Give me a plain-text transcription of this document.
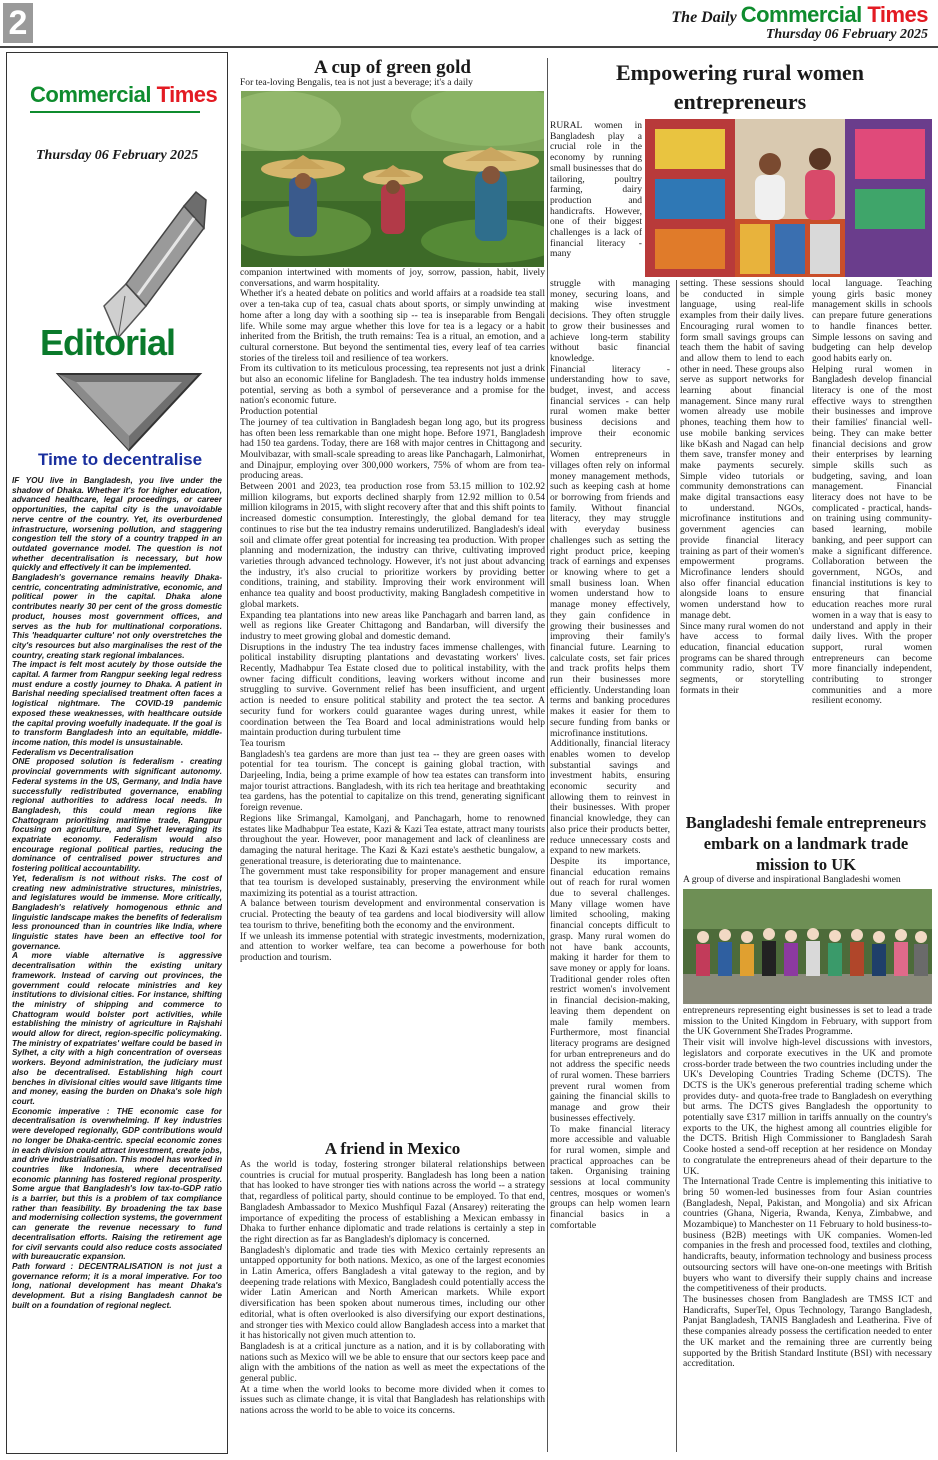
2	The Daily Commercial Times
Thursday 06 February 2025
Commercial Times
Thursday 06 February 2025
Editorial
Time to decentralise

IF YOU live in Bangladesh, you live under the shadow of Dhaka. Whether it's for higher education, advanced healthcare, legal proceedings, or career opportunities, the capital city is the unavoidable nerve centre of the country. Yet, its overburdened infrastructure, worsening pollution, and staggering congestion tell the story of a country trapped in an outdated governance model. The question is not whether decentralisation is necessary, but how quickly and effectively it can be implemented.

Bangladesh's governance remains heavily Dhaka-centric, concentrating administrative, economic, and political power in the capital. Dhaka alone contributes nearly 30 per cent of the gross domestic product, houses most government offices, and serves as the hub for multinational corporations. This 'headquarter culture' not only overstretches the city's resources but also marginalises the rest of the country, creating stark regional imbalances.

The impact is felt most acutely by those outside the capital. A farmer from Rangpur seeking legal redress must endure a costly journey to Dhaka. A patient in Barishal needing specialised treatment often faces a logistical nightmare. The COVID-19 pandemic exposed these weaknesses, with healthcare outside the capital proving woefully inadequate. If the goal is to transform Bangladesh into an equitable, middle-income nation, this model is unsustainable.

Federalism vs Decentralisation

ONE proposed solution is federalism - creating provincial governments with significant autonomy. Federal systems in the US, Germany, and India have successfully redistributed governance, enabling regional authorities to address local needs. In Bangladesh, this could mean regions like Chattogram prioritising maritime trade, Rangpur focusing on agriculture, and Sylhet leveraging its expatriate economy. Federalism would also encourage regional political parties, reducing the dominance of centralised power structures and fostering political accountability.

Yet, federalism is not without risks. The cost of creating new administrative structures, ministries, and legislatures would be immense. More critically, Bangladesh's relatively homogenous ethnic and linguistic landscape makes the benefits of federalism less pronounced than in countries like India, where linguistic states have been an effective tool for governance.

A more viable alternative is aggressive decentralisation within the existing unitary framework. Instead of carving out provinces, the government could relocate ministries and key institutions to divisional cities. For instance, shifting the ministry of shipping and commerce to Chattogram would bolster port activities, while establishing the ministry of agriculture in Rajshahi would allow for direct, region-specific policymaking. The ministry of expatriates' welfare could be based in Sylhet, a city with a high concentration of overseas workers. Beyond administration, the judiciary must also be decentralised. Establishing high court benches in divisional cities would save litigants time and money, easing the burden on Dhaka's sole high court.

Economic imperative : THE economic case for decentralisation is overwhelming. If key industries were developed regionally, GDP contributions would no longer be Dhaka-centric. special economic zones in each division could attract investment, create jobs, and drive industrialisation. This model has worked in countries like Indonesia, where decentralised economic planning has fostered regional prosperity. Some argue that Bangladesh's low tax-to-GDP ratio is a barrier, but this is a problem of tax compliance rather than feasibility. By broadening the tax base and modernising collection systems, the government can generate the revenue necessary to fund decentralisation efforts. Raising the retirement age for civil servants could also reduce costs associated with bureaucratic expansion.

Path forward : DECENTRALISATION is not just a governance reform; it is a moral imperative. For too long, national development has meant Dhaka's development. But a rising Bangladesh cannot be built on a foundation of regional neglect.

A cup of green gold
For tea-loving Bengalis, tea is not just a beverage; it's a daily

companion intertwined with moments of joy, sorrow, passion, habit, lively conversations, and warm hospitality.

Whether it's a heated debate on politics and world affairs at a roadside tea stall over a ten-taka cup of tea, casual chats about sports, or simply unwinding at home after a long day with a soothing sip -- tea is inseparable from Bengali life. While some may argue whether this love for tea is a legacy or a habit inherited from the British, the truth remains: Tea is a ritual, an emotion, and a cultural cornerstone. But beyond the sentimental ties, every leaf of tea carries stories of the tireless toil and resilience of tea workers.

From its cultivation to its meticulous processing, tea represents not just a drink but also an economic lifeline for Bangladesh. The tea industry holds immense potential, serving as both a symbol of perseverance and a promise for the nation's economic future.

Production potential

The journey of tea cultivation in Bangladesh began long ago, but its progress has often been less remarkable than one might hope. Before 1971, Bangladesh had 150 tea gardens. Today, there are 168 with major centres in Chittagong and Moulvibazar, with small-scale spreading to areas like Panchagarh, Lalmonirhat, and Dinajpur, employing over 300,000 workers, 75% of whom are from tea-producing areas.

Between 2001 and 2023, tea production rose from 53.15 million to 102.92 million kilograms, but exports declined sharply from 12.92 million to 0.54 million kilograms in 2015, with slight recovery after that and this shift points to increased domestic consumption. Interestingly, the global demand for tea continues to rise but the tea industry remains underutilized. Bangladesh's ideal soil and climate offer great potential for increasing tea production. With proper planning and modernization, the industry can thrive, cultivating improved varieties through advanced technology. However, it's not just about advancing the industry, it's also crucial to prioritize workers by providing better conditions, training, and stability. Improving their work environment will enhance tea quality and boost productivity, making Bangladesh competitive in global markets.

Expanding tea plantations into new areas like Panchagarh and barren land, as well as regions like Greater Chittagong and Bandarban, will diversify the industry to meet growing global and domestic demand.

Disruptions in the industry The tea industry faces immense challenges, with political instability disrupting plantations and devastating workers' lives. Recently, Madhabpur Tea Estate closed due to political instability, with the owner facing difficult conditions, leaving workers without income and struggling to survive. Government relief has been insufficient, and urgent action is needed to ensure political stability and protect the tea sector. A security fund for workers could guarantee wages during unrest, while coordination between the Tea Board and local administrations would help maintain production during turbulent time

Tea tourism

Bangladesh's tea gardens are more than just tea -- they are green oases with potential for tea tourism. The concept is gaining global traction, with Darjeeling, India, being a prime example of how tea estates can transform into major tourist attractions. Bangladesh, with its rich tea heritage and breathtaking tea gardens, has the potential to capitalize on this trend, generating significant foreign revenue.

Regions like Srimangal, Kamolganj, and Panchagarh, home to renowned estates like Madhabpur Tea estate, Kazi & Kazi Tea estate, attract many tourists throughout the year. However, poor management and lack of cleanliness are damaging the natural heritage. The Kazi & Kazi estate's aesthetic bungalow, a generational treasure, is deteriorating due to maintenance.

The government must take responsibility for proper management and ensure that tea tourism is developed sustainably, preserving the environment while maximizing its potential as a tourist attraction.

A balance between tourism development and environmental conservation is crucial. Protecting the beauty of tea gardens and local biodiversity will allow tea tourism to thrive, benefiting both the economy and the environment.

If we unleash its immense potential with strategic investments, modernization, and attention to worker welfare, tea can become a powerhouse for both production and tourism.

A friend in Mexico

As the world is today, fostering stronger bilateral relationships between countries is crucial for mutual prosperity. Bangladesh has long been a nation that has looked to have stronger ties with nations across the world -- a strategy that, regardless of political party, should continue to be employed. To that end, Bangladesh Ambassador to Mexico Mushfiqul Fazal (Ansarey) reiterating the importance of expediting the process of establishing a Mexican embassy in Dhaka to further enhance diplomatic and trade relations is certainly a step in the right direction as far as Bangladesh's diplomacy is concerned.

Bangladesh's diplomatic and trade ties with Mexico certainly represents an untapped opportunity for both nations. Mexico, as one of the largest economies in Latin America, offers Bangladesh a vital gateway to the region, and by deepening trade relations with Mexico, Bangladesh could potentially access the wider Latin American and North American markets. While export diversification has been spoken about numerous times, including our other editorial, what is often overlooked is also diversifying our export destinations, and stronger ties with Mexico could allow Bangladesh access into a market that it has historically not given much attention to.

Bangladesh is at a critical juncture as a nation, and it is by collaborating with nations such as Mexico will we be able to ensure that our sectors keep pace and align with the ambitions of the nation as well as meet the expectations of the general public.

At a time when the world looks to become more divided when it comes to issues such as climate change, it is vital that Bangladesh has relationships with nations across the world to be able to voice its concerns.

Empowering rural women entrepreneurs
RURAL women in Bangladesh play a crucial role in the economy by running small businesses that do tailoring, poultry farming, dairy production and handicrafts. However, one of their biggest challenges is a lack of financial literacy - many

struggle with managing money, securing loans, and making wise investment decisions. They often struggle to grow their businesses and achieve long-term stability without basic financial knowledge.

Financial literacy - understanding how to save, budget, invest, and access financial services - can help rural women make better business decisions and improve their economic security.

Women entrepreneurs in villages often rely on informal money management methods, such as keeping cash at home or borrowing from friends and family. Without financial literacy, they may struggle with everyday business challenges such as setting the right product price, keeping track of earnings and expenses or knowing where to get a small business loan. When women understand how to manage money effectively, they gain confidence in growing their businesses and improving their family's financial future. Learning to calculate costs, set fair prices and track profits helps them run their businesses more efficiently. Understanding loan terms and banking procedures makes it easier for them to secure funding from banks or microfinance institutions.

Additionally, financial literacy enables women to develop substantial savings and investment habits, ensuring economic security and allowing them to reinvest in their businesses. With proper financial knowledge, they can also price their products better, reduce unnecessary costs and expand to new markets.

Despite its importance, financial education remains out of reach for rural women due to several challenges. Many village women have limited schooling, making financial concepts difficult to grasp. Many rural women do not have bank accounts, making it harder for them to save money or apply for loans. Traditional gender roles often restrict women's involvement in financial decision-making, leaving them dependent on male family members. Furthermore, most financial literacy programs are designed for urban entrepreneurs and do not address the specific needs of rural women. These barriers prevent rural women from gaining the financial skills to manage and grow their businesses effectively.

To make financial literacy more accessible and valuable for rural women, simple and practical approaches can be taken. Organising training sessions at local community centres, mosques or women's groups can help women learn financial basics in a comfortable

setting. These sessions should be conducted in simple language, using real-life examples from their daily lives. Encouraging rural women to form small savings groups can teach them the habit of saving and allow them to lend to each other in need. These groups also serve as support networks for learning about financial management. Since many rural women already use mobile phones, teaching them how to use mobile banking services like bKash and Nagad can help them save, transfer money and make payments securely. Simple video tutorials or community demonstrations can make digital transactions easy to understand. NGOs, microfinance institutions and government agencies can provide financial literacy training as part of their women's empowerment programs. Microfinance lenders should also offer financial education alongside loans to ensure women understand how to manage debt.

Since many rural women do not have access to formal education, financial education programs can be shared through community radio, short TV segments, or storytelling formats in their

local language. Teaching young girls basic money management skills in schools can prepare future generations to handle finances better. Simple lessons on saving and budgeting can help develop good habits early on.

Helping rural women in Bangladesh develop financial literacy is one of the most effective ways to strengthen their businesses and improve their families' financial well-being. They can make better financial decisions and grow their enterprises by learning simple skills such as budgeting, saving, and loan management. Financial literacy does not have to be complicated - practical, hands-on training using community-based learning, mobile banking, and peer support can make a significant difference. Collaboration between the government, NGOs, and financial institutions is key to ensuring that financial education reaches more rural women in a way that is easy to understand and apply in their daily lives. With the proper support, rural women entrepreneurs can become more financially independent, contributing to stronger communities and a more resilient economy.

Bangladeshi female entrepreneurs embark on a landmark trade mission to UK
A group of diverse and inspirational Bangladeshi women

entrepreneurs representing eight businesses is set to lead a trade mission to the United Kingdom in February, with support from the UK Government SheTrades Programme.

Their visit will involve high-level discussions with investors, legislators and corporate executives in the UK and promote cross-border trade between the two countries including under the UK's Developing Countries Trading Scheme (DCTS). The DCTS is the UK's generous preferential trading scheme which provides duty- and quota-free trade to Bangladesh on everything but arms. The DCTS gives Bangladesh the opportunity to potentially save £317 million in tariffs annually on the country's exports to the UK, the highest among all countries eligible for the DCTS. British High Commissioner to Bangladesh Sarah Cooke hosted a send-off reception at her residence on Monday to congratulate the entrepreneurs ahead of their departure to the UK.

The International Trade Centre is implementing this initiative to bring 50 women-led businesses from four Asian countries (Bangladesh, Nepal, Pakistan, and Mongolia) and six African countries (Ghana, Nigeria, Rwanda, Kenya, Zimbabwe, and Mozambique) to Manchester on 11 February to hold business-to-business (B2B) meetings with UK companies. Women-led companies in the fresh and processed food, textiles and clothing, handicrafts, beauty, information technology and business process outsourcing sectors will have one-on-one meetings with British buyers who want to diversify their supply chains and increase the competitiveness of their products.

The businesses chosen from Bangladesh are TMSS ICT and Handicrafts, SuperTel, Opus Technology, Tarango Bangladesh, Panjat Bangladesh, TANIS Bangladesh and Leatherina. Five of these companies already possess the certification needed to enter the UK market and the remaining three are currently being supported by the British Standard Institute (BSI) with necessary accreditation.
